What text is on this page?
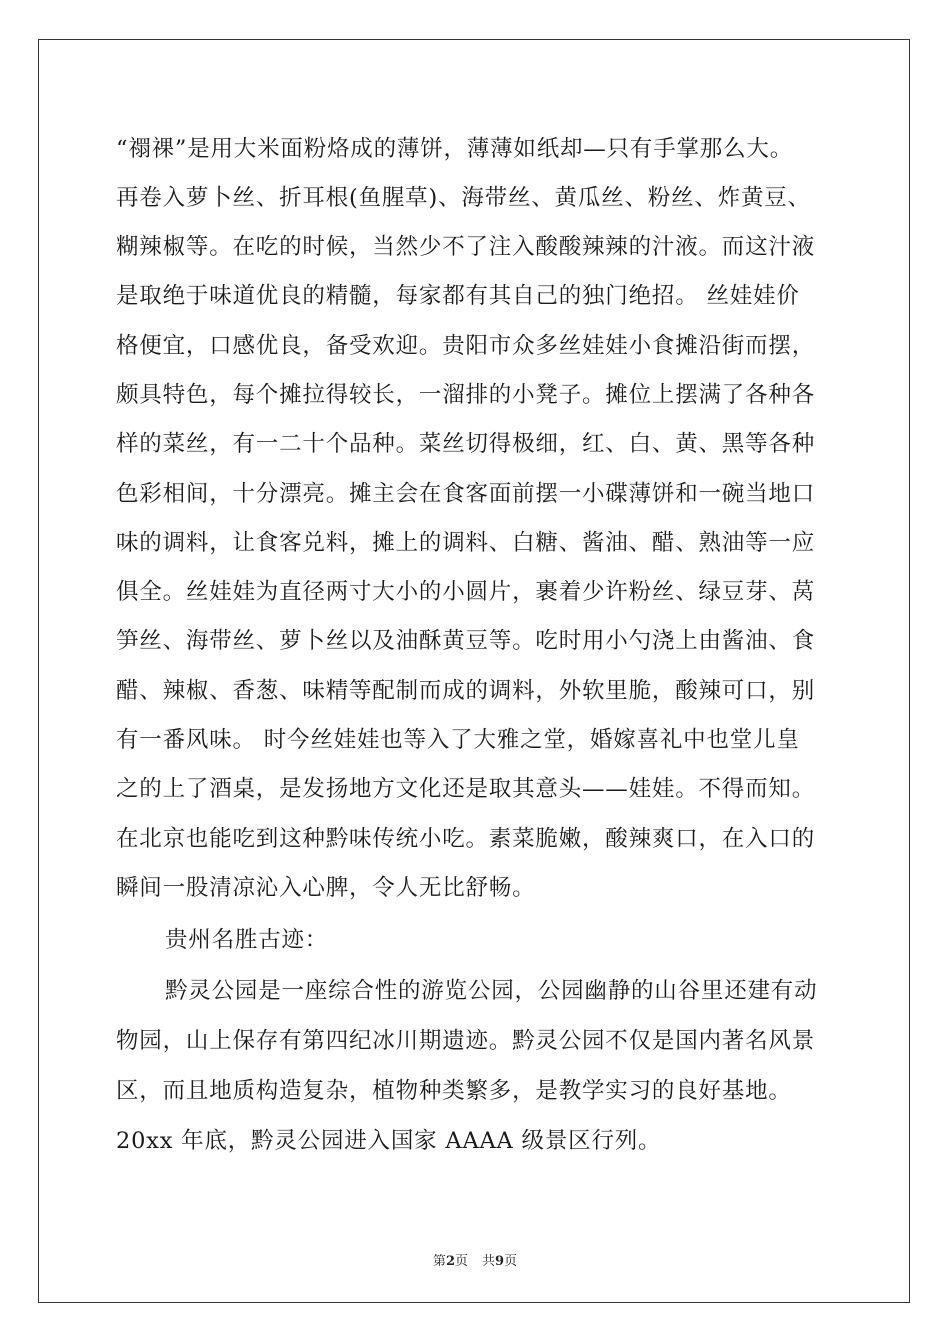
“禤祼”是用大米面粉烙成的薄饼，薄薄如纸却—只有手掌那么大。

再卷入萝卜丝、折耳根(鱼腥草)、海带丝、黄瓜丝、粉丝、炸黄豆、

糊辣椒等。在吃的时候，当然少不了注入酸酸辣辣的汁液。而这汁液

是取绝于味道优良的精髓，每家都有其自己的独门绝招。 丝娃娃价

格便宜，口感优良，备受欢迎。贵阳市众多丝娃娃小食摊沿街而摆，

颇具特色，每个摊拉得较长，一溜排的小凳子。摊位上摆满了各种各

样的菜丝，有一二十个品种。菜丝切得极细，红、白、黄、黑等各种

色彩相间，十分漂亮。摊主会在食客面前摆一小碟薄饼和一碗当地口

味的调料，让食客兑料，摊上的调料、白糖、酱油、醋、熟油等一应

俱全。丝娃娃为直径两寸大小的小圆片，裹着少许粉丝、绿豆芽、莴

笋丝、海带丝、萝卜丝以及油酥黄豆等。吃时用小勺浇上由酱油、食

醋、辣椒、香葱、味精等配制而成的调料，外软里脆，酸辣可口，别

有一番风味。 时今丝娃娃也等入了大雅之堂，婚嫁喜礼中也堂儿皇

之的上了酒桌，是发扬地方文化还是取其意头——娃娃。不得而知。

在北京也能吃到这种黔味传统小吃。素菜脆嫩，酸辣爽口，在入口的

瞬间一股清凉沁入心脾，令人无比舒畅。

贵州名胜古迹：

黔灵公园是一座综合性的游览公园，公园幽静的山谷里还建有动

物园，山上保存有第四纪冰川期遗迹。黔灵公园不仅是国内著名风景

区，而且地质构造复杂，植物种类繁多，是教学实习的良好基地。

20xx 年底，黔灵公园进入国家 AAAA 级景区行列。

第2页 共9页
